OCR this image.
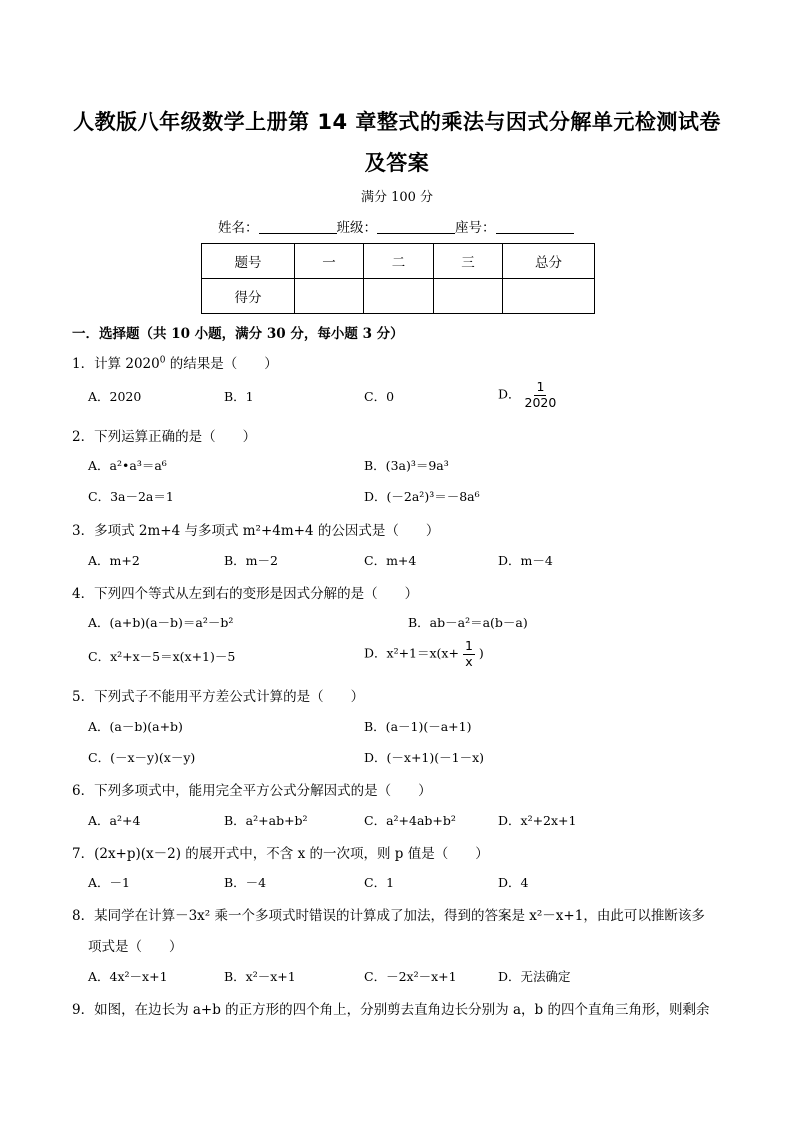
人教版八年级数学上册第 14 章整式的乘法与因式分解单元检测试卷
及答案
满分 100 分
姓名：	班级：	座号：
题号	一	二	三	总分
得分				
一．选择题（共 10 小题，满分 30 分，每小题 3 分）
1．计算 2020$^0$ 的结果是（　　）
A．2020	B．1	C．0	D． $\frac{1}{2020}$
2．下列运算正确的是（　　）
A．a²•a³＝a⁶	B．(3a)³＝9a³
C．3a－2a＝1	D．(－2a²)³＝－8a⁶
3．多项式 2m+4 与多项式 m²+4m+4 的公因式是（　　）
A．m+2	B．m－2	C．m+4	D．m－4
4．下列四个等式从左到右的变形是因式分解的是（　　）
A．(a+b)(a－b)＝a²－b²	B．ab－a²＝a(b－a)
C．x²+x－5＝x(x+1)－5	D．$x^2+1=x(x+ \frac{1}{x}$ )
5．下列式子不能用平方差公式计算的是（　　）
A．(a－b)(a+b)	B．(a－1)(－a+1)
C．(－x－y)(x－y)	D．(－x+1)(－1－x)
6．下列多项式中，能用完全平方公式分解因式的是（　　）
A．a²+4	B．a²+ab+b²	C．a²+4ab+b²	D．x²+2x+1
7．(2x+p)(x－2) 的展开式中，不含 x 的一次项，则 p 值是（　　）
A．－1	B．－4	C．1	D．4
8．某同学在计算－3x² 乘一个多项式时错误的计算成了加法，得到的答案是 x²－x+1，由此可以推断该多
项式是（　　）
A．4x²－x+1	B．x²－x+1	C．－2x²－x+1	D．无法确定
9．如图，在边长为 a+b 的正方形的四个角上，分别剪去直角边长分别为 a，b 的四个直角三角形，则剩余
